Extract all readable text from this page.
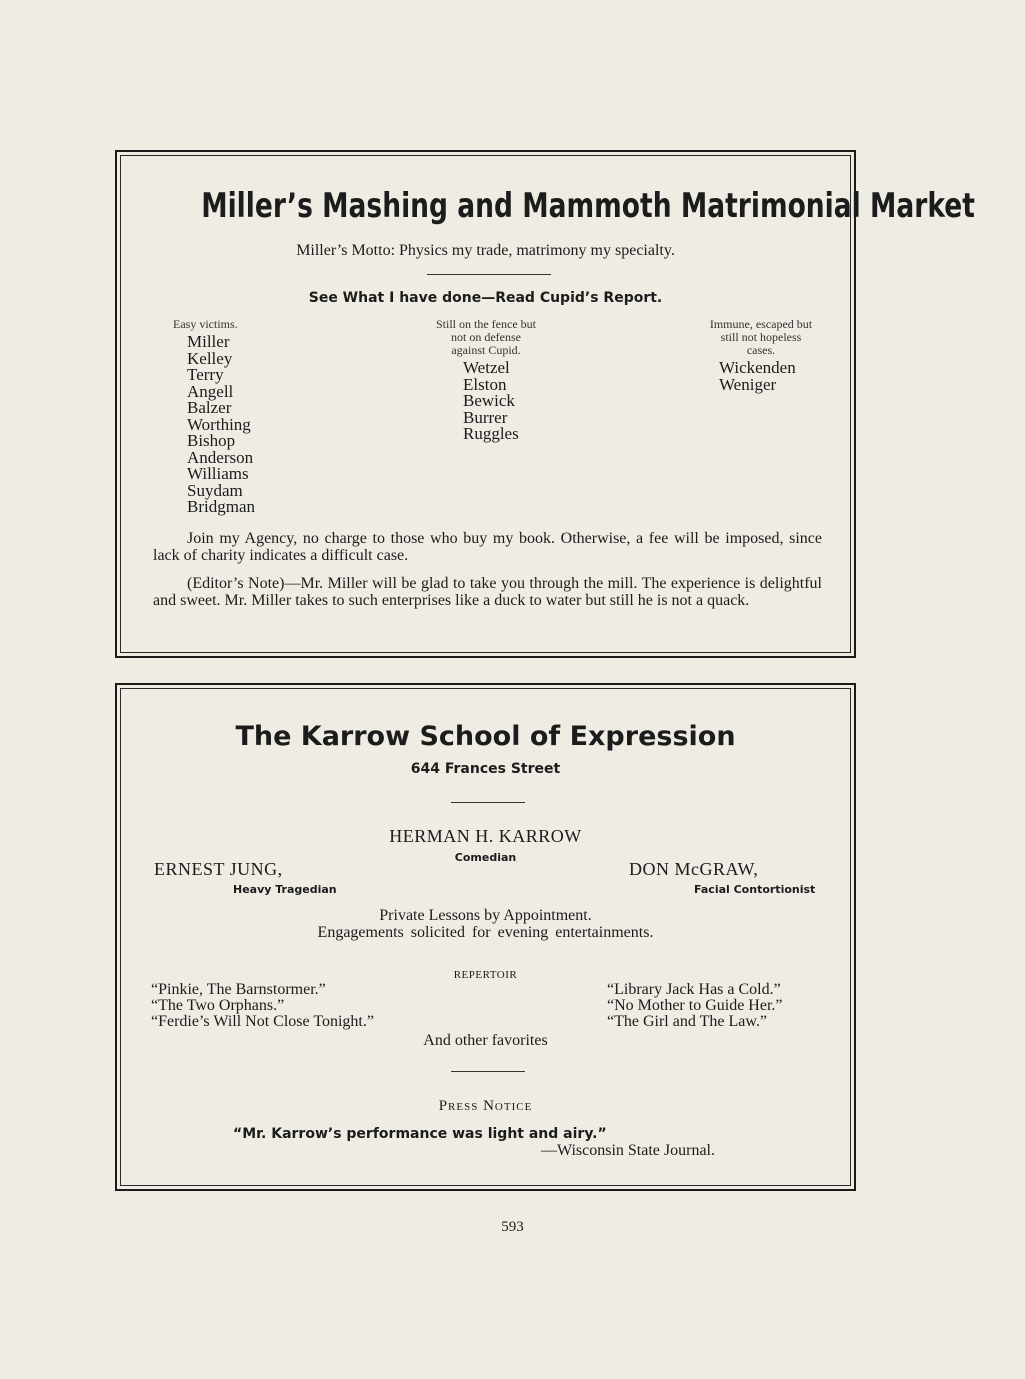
Miller’s Mashing and Mammoth Matrimonial Market
Miller’s Motto: Physics my trade, matrimony my specialty.
See What I have done—Read Cupid’s Report.
Easy victims.
Miller
Kelley
Terry
Angell
Balzer
Worthing
Bishop
Anderson
Williams
Suydam
Bridgman
Still on the fence but
not on defense
against Cupid.
Wetzel
Elston
Bewick
Burrer
Ruggles
Immune, escaped but
still not hopeless
cases.
Wickenden
Weniger
Join my Agency, no charge to those who buy my book. Otherwise, a fee will be imposed, since lack of charity indicates a difficult case.
(Editor’s Note)—Mr. Miller will be glad to take you through the mill. The experience is delightful and sweet. Mr. Miller takes to such enterprises like a duck to water but still he is not a quack.
The Karrow School of Expression
644 Frances Street
HERMAN H. KARROW
Comedian
ERNEST JUNG,
Heavy Tragedian
DON McGRAW,
Facial Contortionist
Private Lessons by Appointment.
Engagements solicited for evening entertainments.
REPERTOIR
“Pinkie, The Barnstormer.”
“The Two Orphans.”
“Ferdie’s Will Not Close Tonight.”
“Library Jack Has a Cold.”
“No Mother to Guide Her.”
“The Girl and The Law.”
And other favorites
Press Notice
“Mr. Karrow’s performance was light and airy.”
—Wisconsin State Journal.
593
